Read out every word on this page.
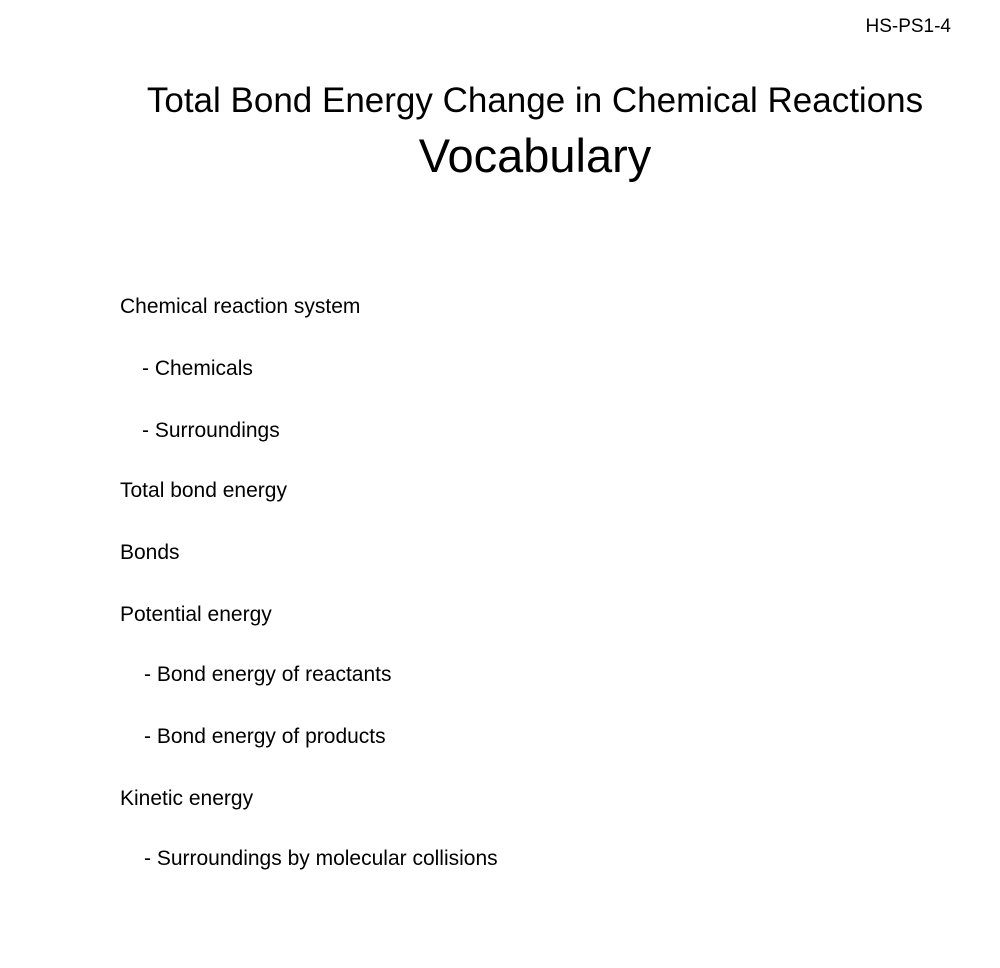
HS-PS1-4
Total Bond Energy Change in Chemical Reactions
Vocabulary
Chemical reaction system
- Chemicals
- Surroundings
Total bond energy
Bonds
Potential energy
- Bond energy of reactants
- Bond energy of products
Kinetic energy
- Surroundings by molecular collisions
